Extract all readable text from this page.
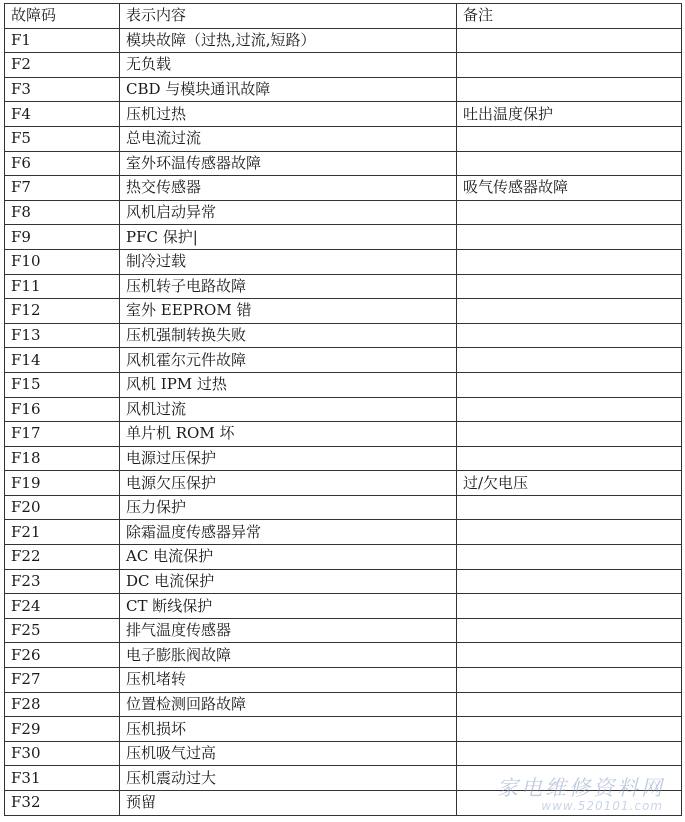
故障码	表示内容	备注
F1	模块故障（过热,过流,短路）	
F2	无负载	
F3	CBD 与模块通讯故障	
F4	压机过热	吐出温度保护
F5	总电流过流	
F6	室外环温传感器故障	
F7	热交传感器	吸气传感器故障
F8	风机启动异常	
F9	PFC 保护|	
F10	制冷过载	
F11	压机转子电路故障	
F12	室外 EEPROM 错	
F13	压机强制转换失败	
F14	风机霍尔元件故障	
F15	风机 IPM 过热	
F16	风机过流	
F17	单片机 ROM 坏	
F18	电源过压保护	
F19	电源欠压保护	过/欠电压
F20	压力保护	
F21	除霜温度传感器异常	
F22	AC 电流保护	
F23	DC 电流保护	
F24	CT 断线保护	
F25	排气温度传感器	
F26	电子膨胀阀故障	
F27	压机堵转	
F28	位置检测回路故障	
F29	压机损坏	
F30	压机吸气过高	
F31	压机震动过大	
F32	预留	
家电维修资料网
www.520101.com
